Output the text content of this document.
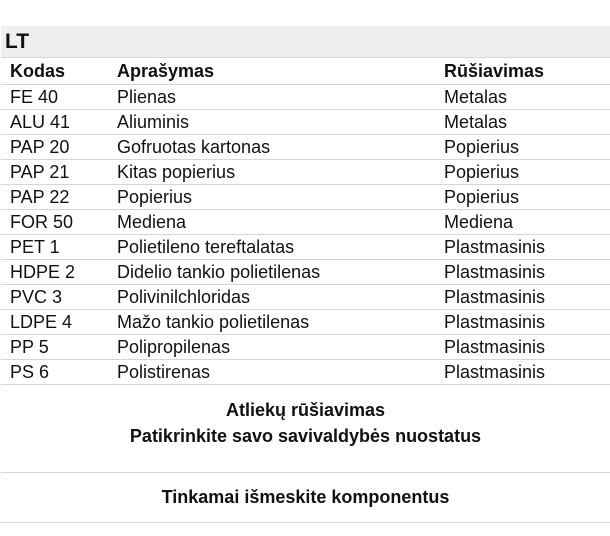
LT
Kodas	Aprašymas	Rūšiavimas
FE 40	Plienas	Metalas
ALU 41	Aliuminis	Metalas
PAP 20	Gofruotas kartonas	Popierius
PAP 21	Kitas popierius	Popierius
PAP 22	Popierius	Popierius
FOR 50	Mediena	Mediena
PET 1	Polietileno tereftalatas	Plastmasinis
HDPE 2	Didelio tankio polietilenas	Plastmasinis
PVC 3	Polivinilchloridas	Plastmasinis
LDPE 4	Mažo tankio polietilenas	Plastmasinis
PP 5	Polipropilenas	Plastmasinis
PS 6	Polistirenas	Plastmasinis
Atliekų rūšiavimas
Patikrinkite savo savivaldybės nuostatus
Tinkamai išmeskite komponentus
